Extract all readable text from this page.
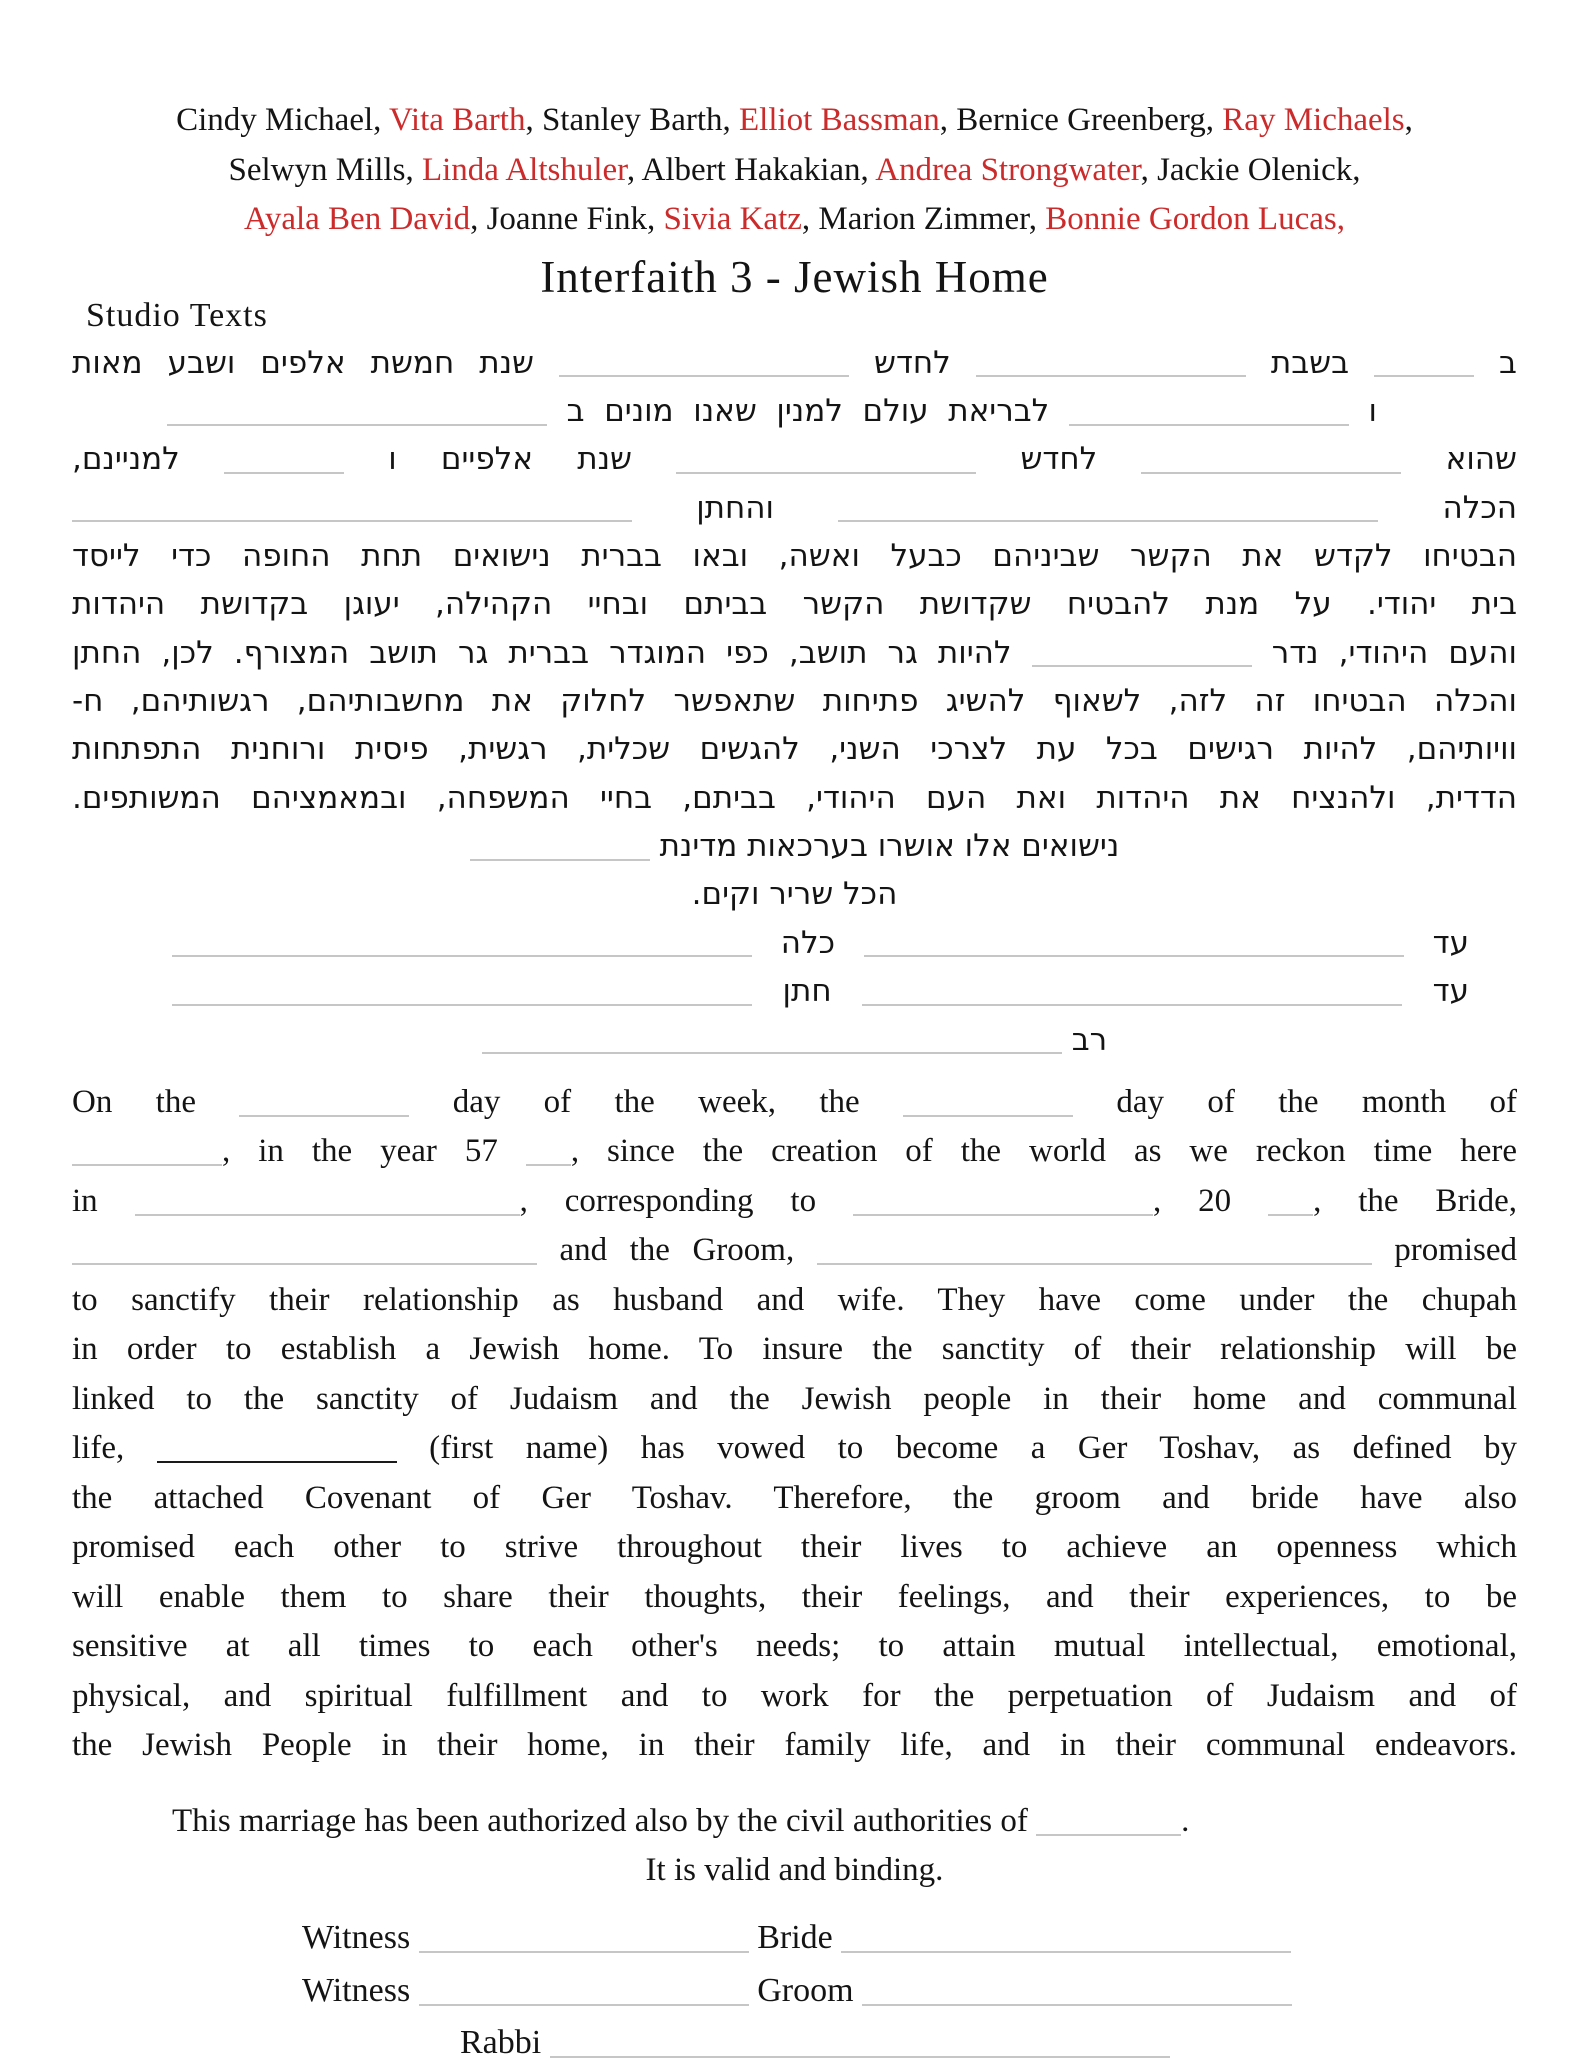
Cindy Michael, Vita Barth, Stanley Barth, Elliot Bassman, Bernice Greenberg, Ray Michaels,
Selwyn Mills, Linda Altshuler, Albert Hakakian, Andrea Strongwater, Jackie Olenick,
Ayala Ben David, Joanne Fink, Sivia Katz, Marion Zimmer, Bonnie Gordon Lucas,
Studio Texts
Interfaith 3 - Jewish Home
ב  בשבת  לחדש  שנת חמשת אלפים ושבע מאות
ו  לבריאת עולם למנין שאנו מונים ב
שהוא  לחדש  שנת אלפיים ו  למניינם,
הכלה  והחתן
הבטיחו לקדש את הקשר שביניהם כבעל ואשה, ובאו בברית נישואים תחת החופה כדי לייסד
בית יהודי. על מנת להבטיח שקדושת הקשר בביתם ובחיי הקהילה, יעוגן בקדושת היהדות
והעם היהודי, נדר  להיות גר תושב, כפי המוגדר בברית גר תושב המצורף. לכן, החתן
והכלה הבטיחו זה לזה, לשאוף להשיג פתיחות שתאפשר לחלוק את מחשבותיהם, רגשותיהם, ח-
וויותיהם, להיות רגישים בכל עת לצרכי השני, להגשים שכלית, רגשית, פיסית ורוחנית התפתחות
הדדית, ולהנציח את היהדות ואת העם היהודי, בביתם, בחיי המשפחה, ובמאמציהם המשותפים.
נישואים אלו אושרו בערכאות מדינת
הכל שריר וקים.
עד  כלה
עד  חתן
רב
On the	day of the week, the	day of the month of
, in the year 57 , since the creation of the world as we reckon time here
in	, corresponding to	, 20 , the Bride,
and the Groom,	promised
to sanctify their relationship as husband and wife. They have come under the chupah
in order to establish a Jewish home. To insure the sanctity of their relationship will be
linked to the sanctity of Judaism and the Jewish people in their home and communal
life,	(first name) has vowed to become a Ger Toshav, as defined by
the attached Covenant of Ger Toshav. Therefore, the groom and bride have also
promised each other to strive throughout their lives to achieve an openness which
will enable them to share their thoughts, their feelings, and their experiences, to be
sensitive at all times to each other's needs; to attain mutual intellectual, emotional,
physical, and spiritual fulfillment and to work for the perpetuation of Judaism and of
the Jewish People in their home, in their family life, and in their communal endeavors.
This marriage has been authorized also by the civil authorities of	.
It is valid and binding.
Witness	Bride
Witness	Groom
Rabbi
